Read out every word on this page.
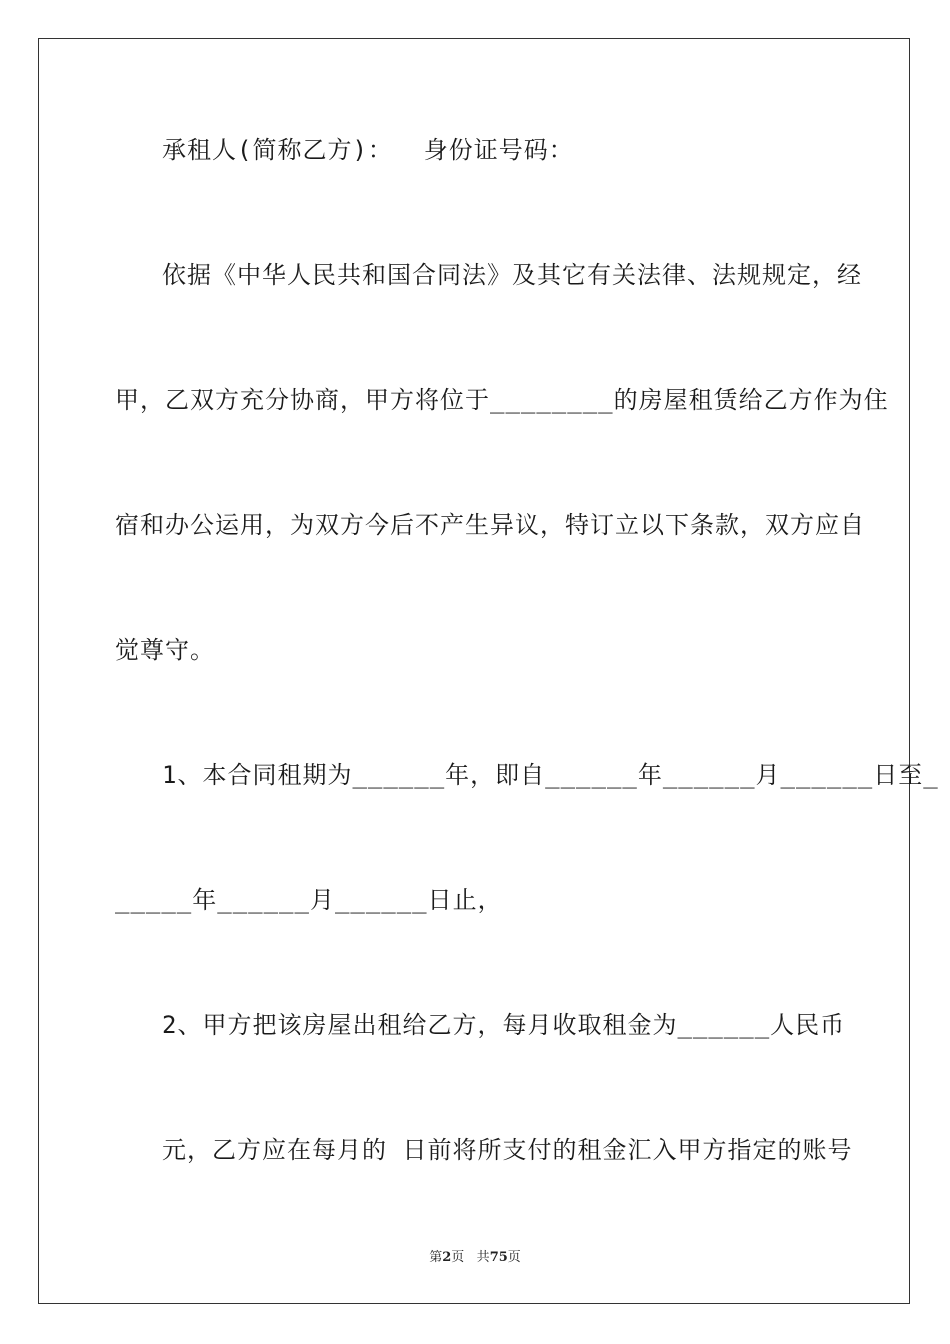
承租人(简称乙方)：  身份证号码：
依据《中华人民共和国合同法》及其它有关法律、法规规定，经
甲，乙双方充分协商，甲方将位于________的房屋租赁给乙方作为住
宿和办公运用，为双方今后不产生异议，特订立以下条款，双方应自
觉尊守。
1、本合同租期为______年，即自______年______月______日至_
_____年______月______日止，
2、甲方把该房屋出租给乙方，每月收取租金为______人民币
元，乙方应在每月的 日前将所支付的租金汇入甲方指定的账号
第2页 共75页
